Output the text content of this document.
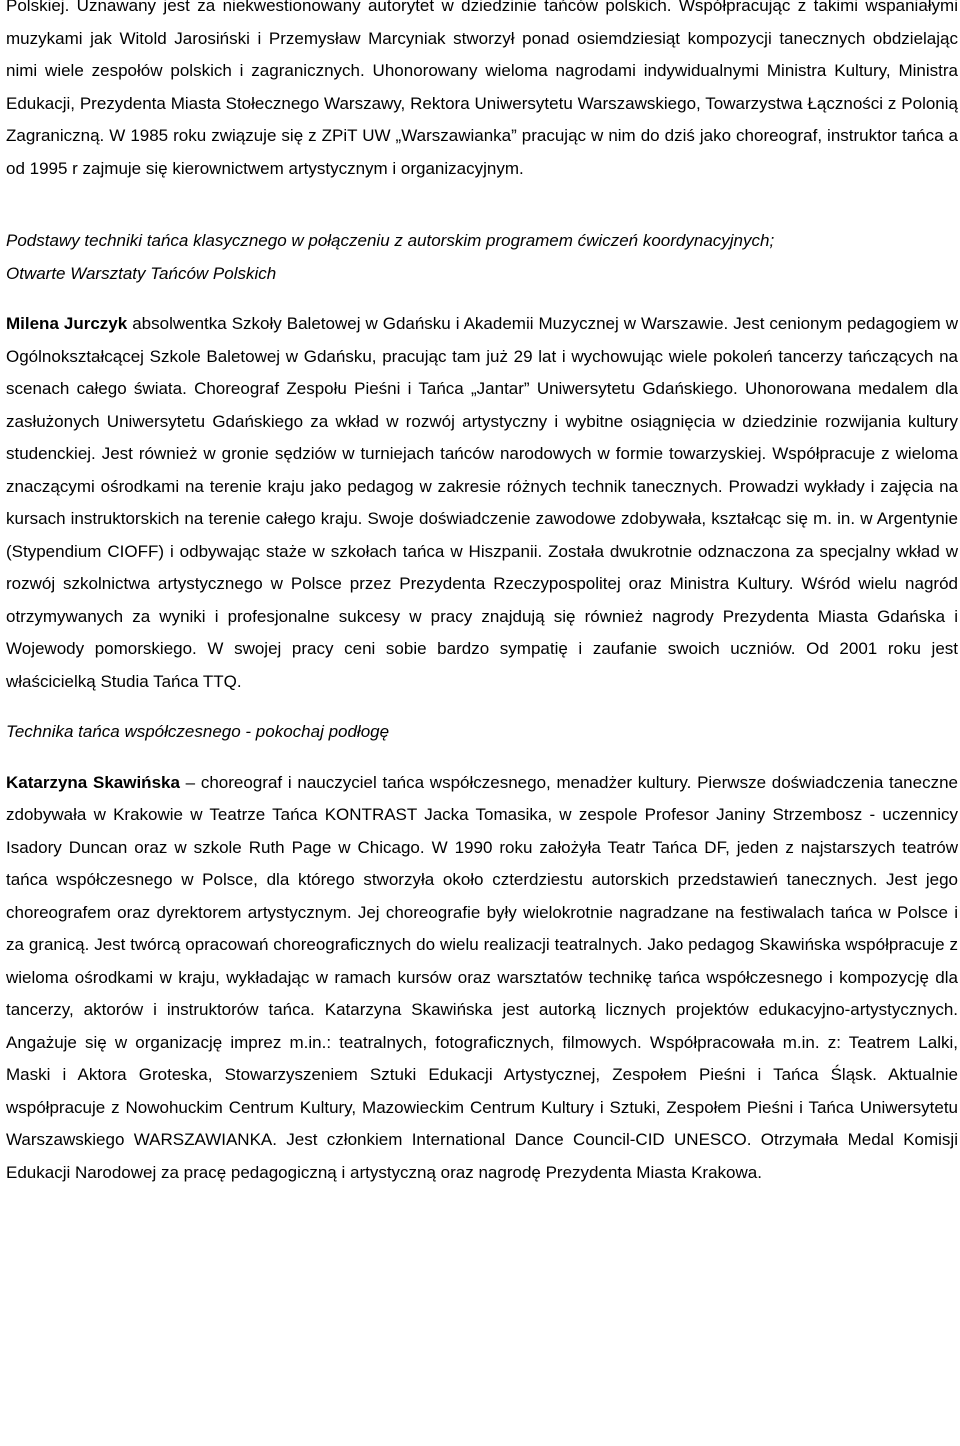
Polskiej. Uznawany jest za niekwestionowany autorytet w dziedzinie tańców polskich. Współpracując z takimi wspaniałymi muzykami jak Witold Jarosiński i Przemysław Marcyniak stworzył ponad osiemdziesiąt kompozycji tanecznych obdzielając nimi wiele zespołów polskich i zagranicznych. Uhonorowany wieloma nagrodami indywidualnymi Ministra Kultury, Ministra Edukacji, Prezydenta Miasta Stołecznego Warszawy, Rektora Uniwersytetu Warszawskiego, Towarzystwa Łączności z Polonią Zagraniczną. W 1985 roku związuje się z ZPiT UW „Warszawianka” pracując w nim do dziś jako choreograf, instruktor tańca a od 1995 r zajmuje się kierownictwem artystycznym i organizacyjnym.

Podstawy techniki tańca klasycznego w połączeniu z autorskim programem ćwiczeń koordynacyjnych;
Otwarte Warsztaty Tańców Polskich

Milena Jurczyk absolwentka Szkoły Baletowej w Gdańsku i Akademii Muzycznej w Warszawie. Jest cenionym pedagogiem w Ogólnokształcącej Szkole Baletowej w Gdańsku, pracując tam już 29 lat i wychowując wiele pokoleń tancerzy tańczących na scenach całego świata. Choreograf Zespołu Pieśni i Tańca „Jantar” Uniwersytetu Gdańskiego. Uhonorowana medalem dla zasłużonych Uniwersytetu Gdańskiego za wkład w rozwój artystyczny i wybitne osiągnięcia w dziedzinie rozwijania kultury studenckiej. Jest również w gronie sędziów w turniejach tańców narodowych w formie towarzyskiej. Współpracuje z wieloma znaczącymi ośrodkami na terenie kraju jako pedagog w zakresie różnych technik tanecznych. Prowadzi wykłady i zajęcia na kursach instruktorskich na terenie całego kraju. Swoje doświadczenie zawodowe zdobywała, kształcąc się m. in. w Argentynie (Stypendium CIOFF) i odbywając staże w szkołach tańca w Hiszpanii. Została dwukrotnie odznaczona za specjalny wkład w rozwój szkolnictwa artystycznego w Polsce przez Prezydenta Rzeczypospolitej oraz Ministra Kultury. Wśród wielu nagród otrzymywanych za wyniki i profesjonalne sukcesy w pracy znajdują się również nagrody Prezydenta Miasta Gdańska i Wojewody pomorskiego. W swojej pracy ceni sobie bardzo sympatię i zaufanie swoich uczniów. Od 2001 roku jest właścicielką Studia Tańca TTQ.

Technika tańca współczesnego - pokochaj podłogę

Katarzyna Skawińska – choreograf i nauczyciel tańca współczesnego, menadżer kultury. Pierwsze doświadczenia taneczne zdobywała w Krakowie w Teatrze Tańca KONTRAST Jacka Tomasika, w zespole Profesor Janiny Strzembosz - uczennicy Isadory Duncan oraz w szkole Ruth Page w Chicago. W 1990 roku założyła Teatr Tańca DF, jeden z najstarszych teatrów tańca współczesnego w Polsce, dla którego stworzyła około czterdziestu autorskich przedstawień tanecznych. Jest jego choreografem oraz dyrektorem artystycznym. Jej choreografie były wielokrotnie nagradzane na festiwalach tańca w Polsce i za granicą. Jest twórcą opracowań choreograficznych do wielu realizacji teatralnych. Jako pedagog Skawińska współpracuje z wieloma ośrodkami w kraju, wykładając w ramach kursów oraz warsztatów technikę tańca współczesnego i kompozycję dla tancerzy, aktorów i instruktorów tańca. Katarzyna Skawińska jest autorką licznych projektów edukacyjno-artystycznych. Angażuje się w organizację imprez m.in.: teatralnych, fotograficznych, filmowych. Współpracowała m.in. z: Teatrem Lalki, Maski i Aktora Groteska, Stowarzyszeniem Sztuki Edukacji Artystycznej, Zespołem Pieśni i Tańca Śląsk. Aktualnie współpracuje z Nowohuckim Centrum Kultury, Mazowieckim Centrum Kultury i Sztuki, Zespołem Pieśni i Tańca Uniwersytetu Warszawskiego WARSZAWIANKA. Jest członkiem International Dance Council-CID UNESCO. Otrzymała Medal Komisji Edukacji Narodowej za pracę pedagogiczną i artystyczną oraz nagrodę Prezydenta Miasta Krakowa.
